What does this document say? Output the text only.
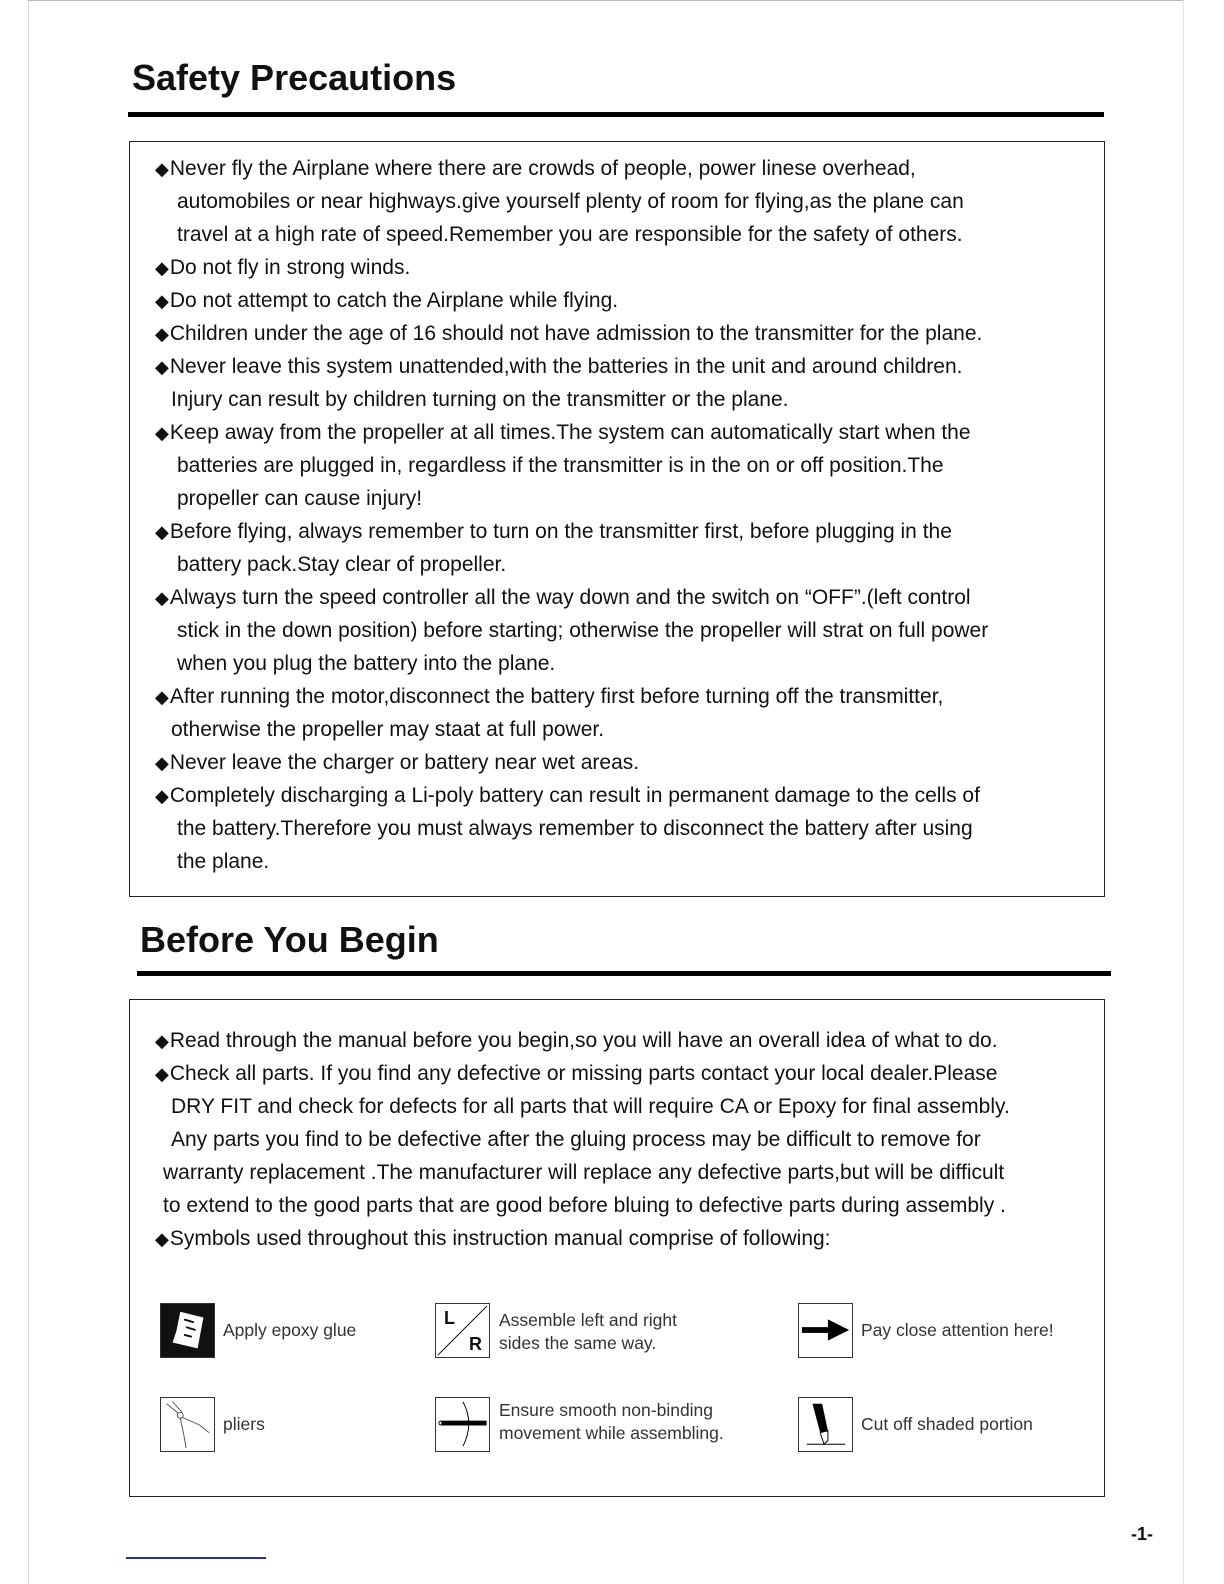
Safety Precautions
Before You Begin
◆Never fly the Airplane where there are crowds of people, power linese overhead,
automobiles or near highways.give yourself plenty of room for flying,as the plane can
travel at a high rate of speed.Remember you are responsible for the safety of others.
◆Do not fly in strong winds.
◆Do not attempt to catch the Airplane while flying.
◆Children under the age of 16 should not have admission to the transmitter for the plane.
◆Never leave this system unattended,with the batteries in the unit and around children.
Injury can result by children turning on the transmitter or the plane.
◆Keep away from the propeller at all times.The system can automatically start when the
batteries are plugged in, regardless if the transmitter is in the on or off position.The
propeller can cause injury!
◆Before flying, always remember to turn on the transmitter first, before plugging in the
battery pack.Stay clear of propeller.
◆Always turn the speed controller all the way down and the switch on “OFF”.(left control
stick in the down position) before starting; otherwise the propeller will strat on full power
when you plug the battery into the plane.
◆After running the motor,disconnect the battery first before turning off the transmitter,
otherwise the propeller may staat at full power.
◆Never leave the charger or battery near wet areas.
◆Completely discharging a Li-poly battery can result in permanent damage to the cells of
the battery.Therefore you must always remember to disconnect the battery after using
the plane.
◆Read through the manual before you begin,so you will have an overall idea of what to do.
◆Check all parts. If you find any defective or missing parts contact your local dealer.Please
DRY FIT and check for defects for all parts that will require CA or Epoxy for final assembly.
Any parts you find to be defective after the gluing process may be difficult to remove for
warranty replacement .The manufacturer will replace any defective parts,but will be difficult
to extend to the good parts that are good before bluing to defective parts during assembly .
◆Symbols used throughout this instruction manual comprise of following:
Apply epoxy glue
L
R
Assemble left and right
sides the same way.
Pay close attention here!
pliers
Ensure smooth non-binding
movement while assembling.	Cut off shaded portion
-1-
